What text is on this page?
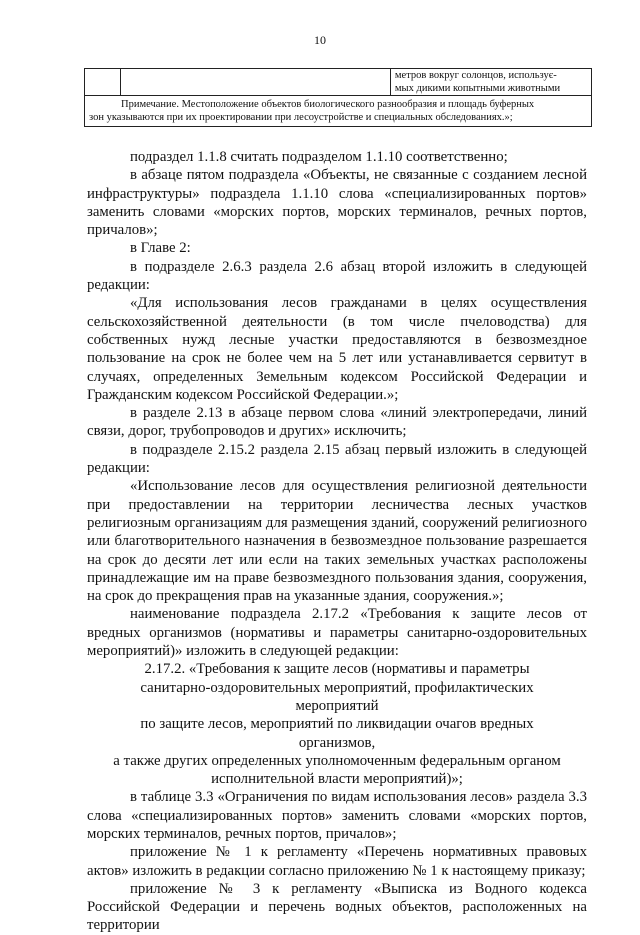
10

метров вокруг солонцов, использує-
мых дикими копытными животными

Примечание. Местоположение объектов биологического разнообразия и площадь буферных
зон указываются при их проектировании при лесоустройстве и специальных обследованиях.»;

подраздел 1.1.8 считать подразделом 1.1.10 соответственно;

в абзаце пятом подраздела «Объекты, не связанные с созданием лесной инфраструктуры» подраздела 1.1.10 слова «специализированных портов» заменить словами «морских портов, морских терминалов, речных портов, причалов»;

в Главе 2:

в подразделе 2.6.3 раздела 2.6 абзац второй изложить в следующей редакции:

«Для использования лесов гражданами в целях осуществления сельскохозяйственной деятельности (в том числе пчеловодства) для собственных нужд лесные участки предоставляются в безвозмездное пользование на срок не более чем на 5 лет или устанавливается сервитут в случаях, определенных Земельным кодексом Российской Федерации и Гражданским кодексом Российской Федерации.»;

в разделе 2.13 в абзаце первом слова «линий электропередачи, линий связи, дорог, трубопроводов и других» исключить;

в подразделе 2.15.2 раздела 2.15 абзац первый изложить в следующей редакции:

«Использование лесов для осуществления религиозной деятельности при предоставлении на территории лесничества лесных участков религиозным организациям для размещения зданий, сооружений религиозного или благотворительного назначения в безвозмездное пользование разрешается на срок до десяти лет или если на таких земельных участках расположены принадлежащие им на праве безвозмездного пользования здания, сооружения, на срок до прекращения прав на указанные здания, сооружения.»;

наименование подраздела 2.17.2 «Требования к защите лесов от вредных организмов (нормативы и параметры санитарно-оздоровительных мероприятий)» изложить в следующей редакции:

2.17.2. «Требования к защите лесов (нормативы и параметры

санитарно-оздоровительных мероприятий, профилактических мероприятий

по защите лесов, мероприятий по ликвидации очагов вредных организмов,

а также других определенных уполномоченным федеральным органом

исполнительной власти мероприятий)»;

в таблице 3.3 «Ограничения по видам использования лесов» раздела 3.3 слова «специализированных портов» заменить словами «морских портов, морских терминалов, речных портов, причалов»;

приложение № 1 к регламенту «Перечень нормативных правовых актов» изложить в редакции согласно приложению № 1 к настоящему приказу;

приложение № 3 к регламенту «Выписка из Водного кодекса Российской Федерации и перечень водных объектов, расположенных на территории
